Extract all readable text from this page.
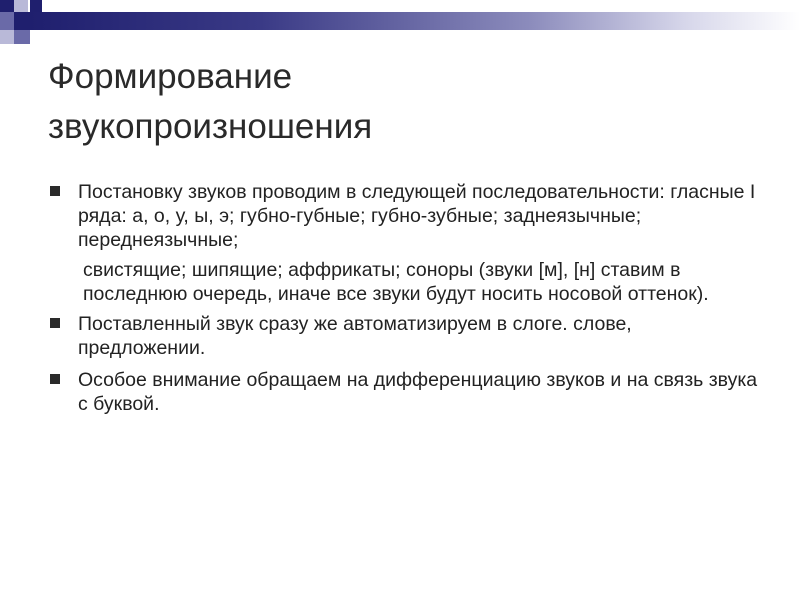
Формирование
звукопроизношения
Постановку звуков проводим в следующей последовательности: гласные I ряда: а, о, у, ы, э; губно-губные; губно-зубные; заднеязычные; переднеязычные;
свистящие; шипящие; аффрикаты; соноры (звуки [м], [н] ставим в последнюю очередь, иначе все звуки будут носить носовой оттенок).
Поставленный звук сразу же автоматизируем в слоге. слове, предложении.
Особое внимание обращаем на дифференциацию звуков и на связь звука с буквой.
